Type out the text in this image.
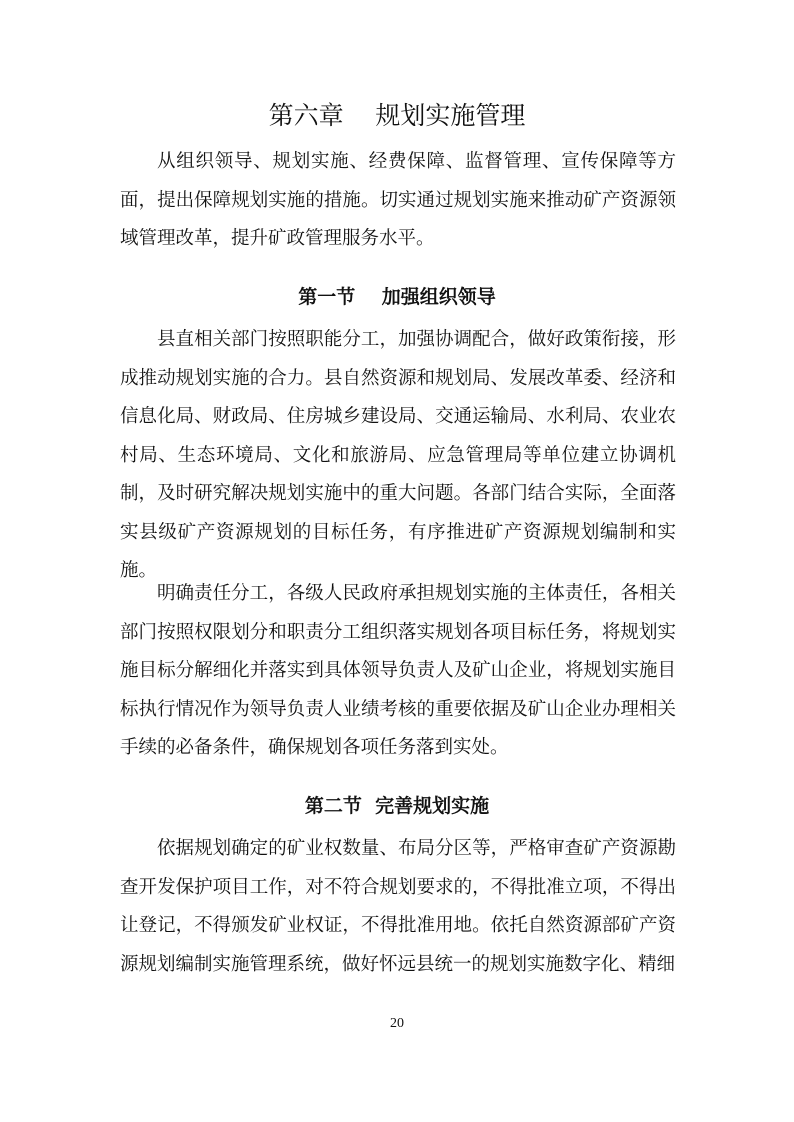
第六章    规划实施管理

从组织领导、规划实施、经费保障、监督管理、宣传保障等方面，提出保障规划实施的措施。切实通过规划实施来推动矿产资源领域管理改革，提升矿政管理服务水平。

第一节    加强组织领导

县直相关部门按照职能分工，加强协调配合，做好政策衔接，形成推动规划实施的合力。县自然资源和规划局、发展改革委、经济和信息化局、财政局、住房城乡建设局、交通运输局、水利局、农业农村局、生态环境局、文化和旅游局、应急管理局等单位建立协调机制，及时研究解决规划实施中的重大问题。各部门结合实际，全面落实县级矿产资源规划的目标任务，有序推进矿产资源规划编制和实施。

明确责任分工，各级人民政府承担规划实施的主体责任，各相关部门按照权限划分和职责分工组织落实规划各项目标任务，将规划实施目标分解细化并落实到具体领导负责人及矿山企业，将规划实施目标执行情况作为领导负责人业绩考核的重要依据及矿山企业办理相关手续的必备条件，确保规划各项任务落到实处。

第二节  完善规划实施

依据规划确定的矿业权数量、布局分区等，严格审查矿产资源勘查开发保护项目工作，对不符合规划要求的，不得批准立项，不得出让登记，不得颁发矿业权证，不得批准用地。依托自然资源部矿产资源规划编制实施管理系统，做好怀远县统一的规划实施数字化、精细

20
